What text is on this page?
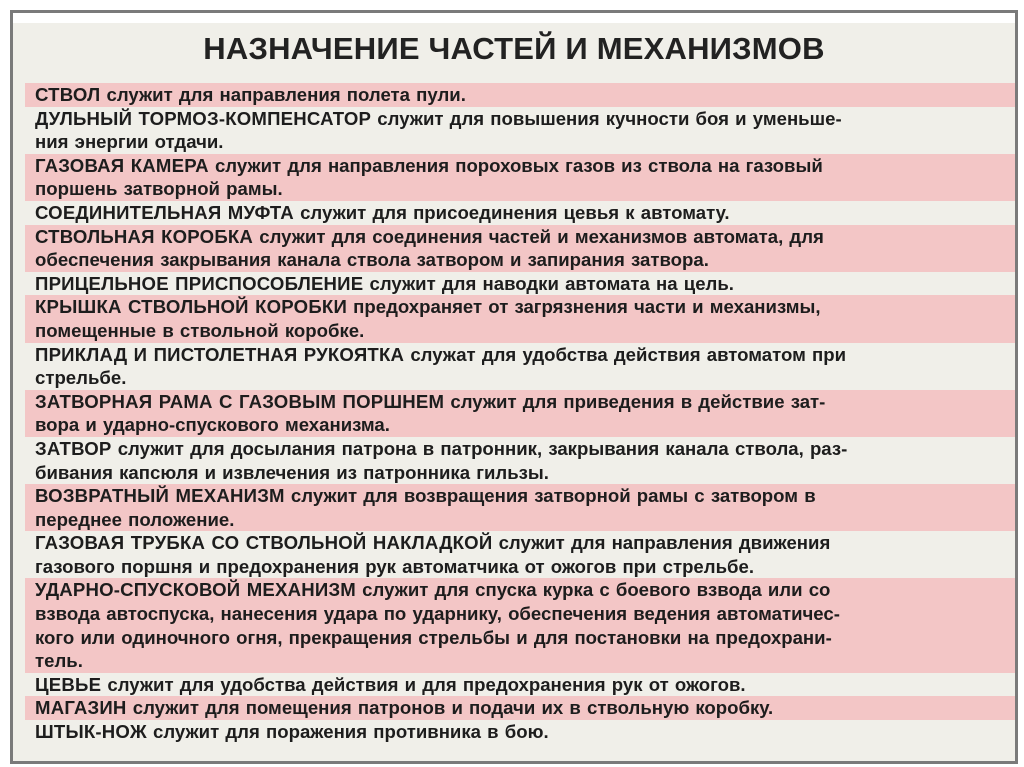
НАЗНАЧЕНИЕ ЧАСТЕЙ И МЕХАНИЗМОВ
СТВОЛ служит для направления полета пули.
ДУЛЬНЫЙ ТОРМОЗ-КОМПЕНСАТОР служит для повышения кучности боя и уменьше-
ния энергии отдачи.
ГАЗОВАЯ КАМЕРА служит для направления пороховых газов из ствола на газовый
поршень затворной рамы.
СОЕДИНИТЕЛЬНАЯ МУФТА служит для присоединения цевья к автомату.
СТВОЛЬНАЯ КОРОБКА служит для соединения частей и механизмов автомата, для
обеспечения закрывания канала ствола затвором и запирания затвора.
ПРИЦЕЛЬНОЕ ПРИСПОСОБЛЕНИЕ служит для наводки автомата на цель.
КРЫШКА СТВОЛЬНОЙ КОРОБКИ предохраняет от загрязнения части и механизмы,
помещенные в ствольной коробке.
ПРИКЛАД И ПИСТОЛЕТНАЯ РУКОЯТКА служат для удобства действия автоматом при
стрельбе.
ЗАТВОРНАЯ РАМА С ГАЗОВЫМ ПОРШНЕМ служит для приведения в действие зат-
вора и ударно-спускового механизма.
ЗАТВОР служит для досылания патрона в патронник, закрывания канала ствола, раз-
бивания капсюля и извлечения из патронника гильзы.
ВОЗВРАТНЫЙ МЕХАНИЗМ служит для возвращения затворной рамы с затвором в
переднее положение.
ГАЗОВАЯ ТРУБКА СО СТВОЛЬНОЙ НАКЛАДКОЙ служит для направления движения
газового поршня и предохранения рук автоматчика от ожогов при стрельбе.
УДАРНО-СПУСКОВОЙ МЕХАНИЗМ служит для спуска курка с боевого взвода или со
взвода автоспуска, нанесения удара по ударнику, обеспечения ведения автоматичес-
кого или одиночного огня, прекращения стрельбы и для постановки на предохрани-
тель.
ЦЕВЬЕ служит для удобства действия и для предохранения рук от ожогов.
МАГАЗИН служит для помещения патронов и подачи их в ствольную коробку.
ШТЫК-НОЖ служит для поражения противника в бою.
